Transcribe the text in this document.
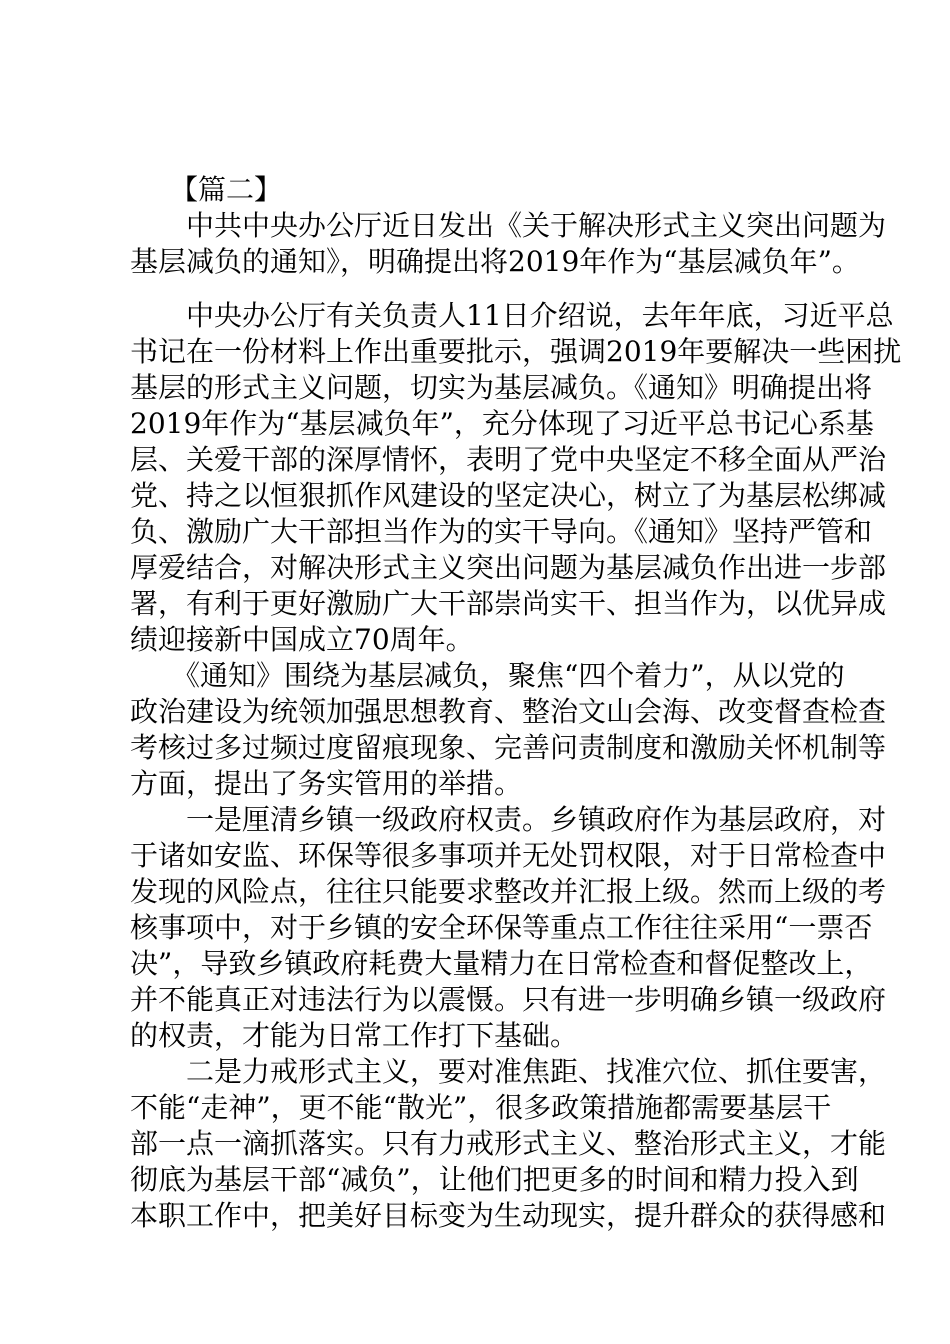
【篇二】
　　中共中央办公厅近日发出《关于解决形式主义突出问题为
基层减负的通知》，明确提出将2019年作为“基层减负年”。
　　中央办公厅有关负责人11日介绍说，去年年底，习近平总
书记在一份材料上作出重要批示，强调2019年要解决一些困扰
基层的形式主义问题，切实为基层减负。《通知》明确提出将
2019年作为“基层减负年”，充分体现了习近平总书记心系基
层、关爱干部的深厚情怀，表明了党中央坚定不移全面从严治
党、持之以恒狠抓作风建设的坚定决心，树立了为基层松绑减
负、激励广大干部担当作为的实干导向。《通知》坚持严管和
厚爱结合，对解决形式主义突出问题为基层减负作出进一步部
署，有利于更好激励广大干部崇尚实干、担当作为，以优异成
绩迎接新中国成立70周年。
　　《通知》围绕为基层减负，聚焦“四个着力”，从以党的
政治建设为统领加强思想教育、整治文山会海、改变督查检查
考核过多过频过度留痕现象、完善问责制度和激励关怀机制等
方面，提出了务实管用的举措。
　　一是厘清乡镇一级政府权责。乡镇政府作为基层政府，对
于诸如安监、环保等很多事项并无处罚权限，对于日常检查中
发现的风险点，往往只能要求整改并汇报上级。然而上级的考
核事项中，对于乡镇的安全环保等重点工作往往采用“一票否
决”，导致乡镇政府耗费大量精力在日常检查和督促整改上，
并不能真正对违法行为以震慑。只有进一步明确乡镇一级政府
的权责，才能为日常工作打下基础。
　　二是力戒形式主义，要对准焦距、找准穴位、抓住要害，
不能“走神”，更不能“散光”，很多政策措施都需要基层干
部一点一滴抓落实。只有力戒形式主义、整治形式主义，才能
彻底为基层干部“减负”，让他们把更多的时间和精力投入到
本职工作中，把美好目标变为生动现实，提升群众的获得感和
